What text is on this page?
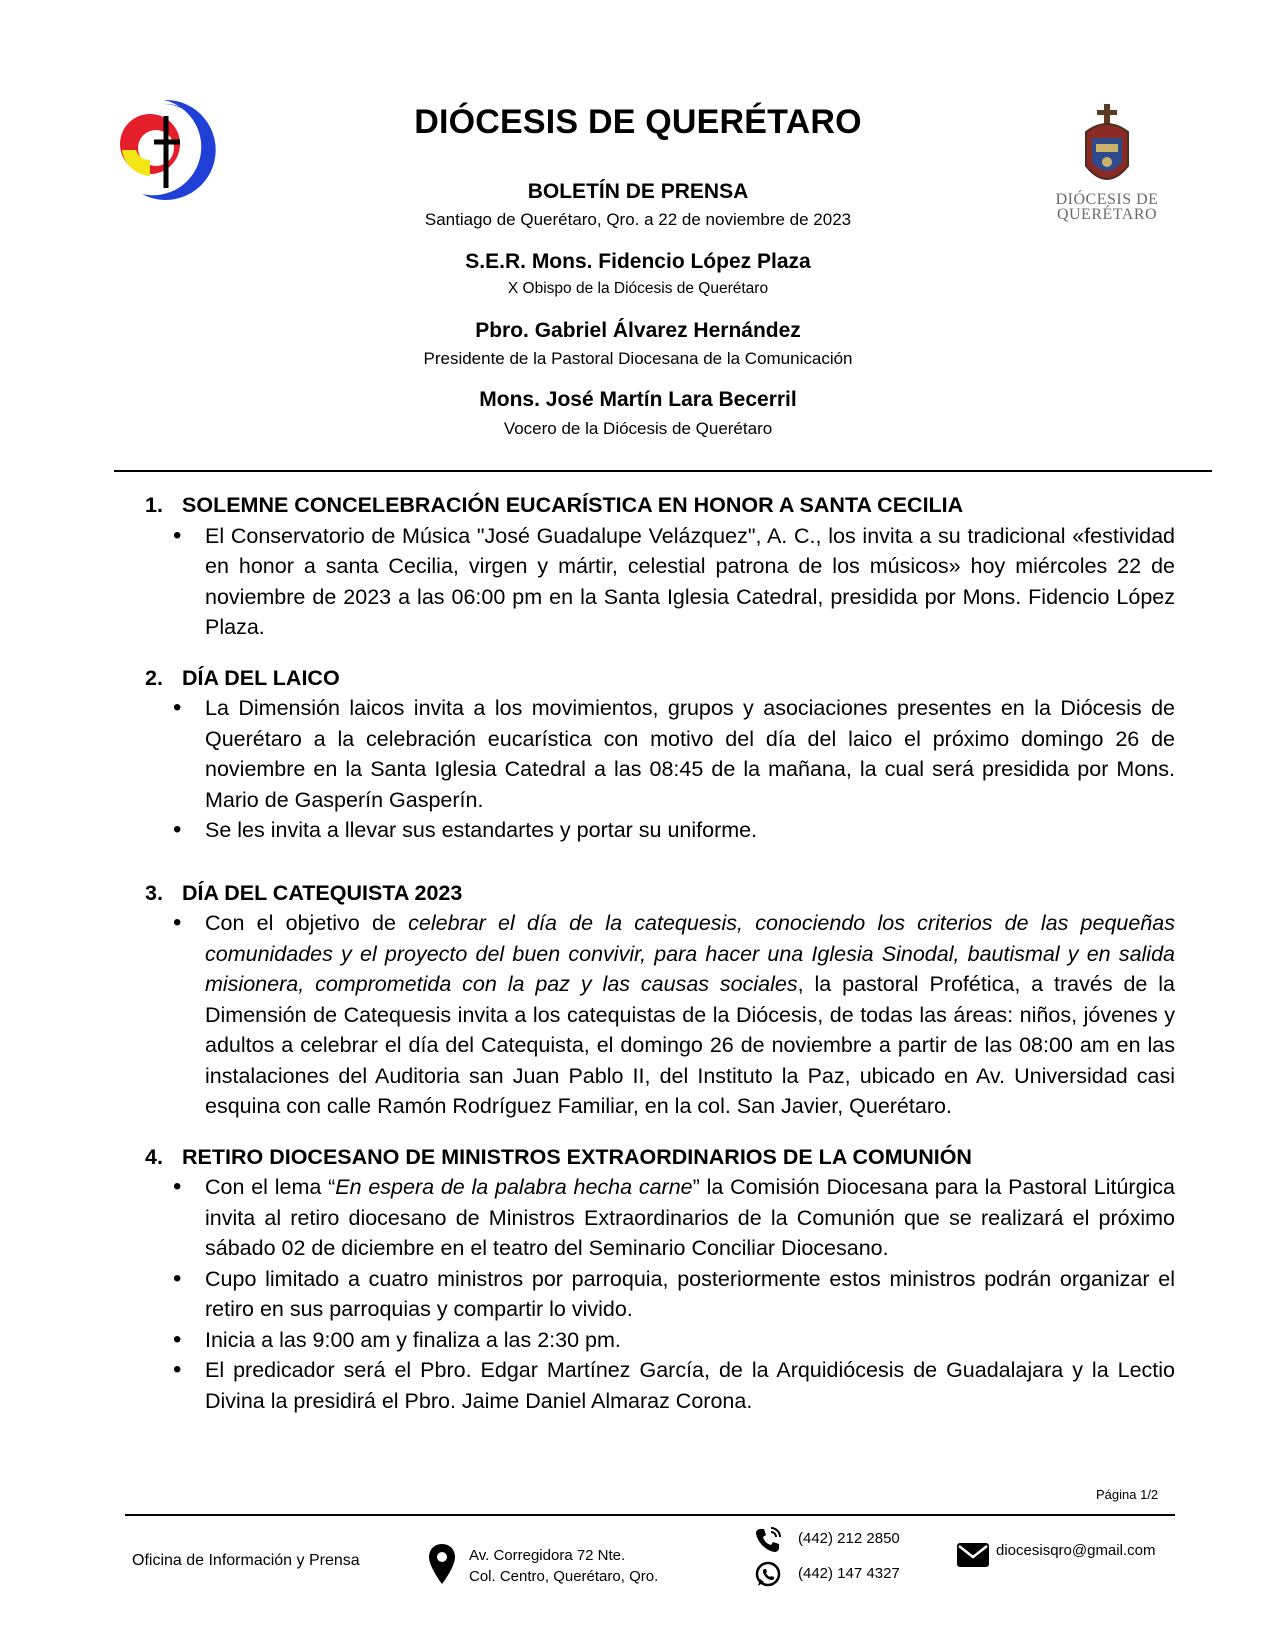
DIÓCESIS DE
QUERÉTARO
DIÓCESIS DE QUERÉTARO
BOLETÍN DE PRENSA
Santiago de Querétaro, Qro. a 22 de noviembre de 2023
S.E.R. Mons. Fidencio López Plaza
X Obispo de la Diócesis de Querétaro
Pbro. Gabriel Álvarez Hernández
Presidente de la Pastoral Diocesana de la Comunicación
Mons. José Martín Lara Becerril
Vocero de la Diócesis de Querétaro
1. SOLEMNE CONCELEBRACIÓN EUCARÍSTICA EN HONOR A SANTA CECILIA
• El Conservatorio de Música "José Guadalupe Velázquez", A. C., los invita a su tradicional «festividad en honor a santa Cecilia, virgen y mártir, celestial patrona de los músicos» hoy miércoles 22 de noviembre de 2023 a las 06:00 pm en la Santa Iglesia Catedral, presidida por Mons. Fidencio López Plaza.
2. DÍA DEL LAICO
• La Dimensión laicos invita a los movimientos, grupos y asociaciones presentes en la Diócesis de Querétaro a la celebración eucarística con motivo del día del laico el próximo domingo 26 de noviembre en la Santa Iglesia Catedral a las 08:45 de la mañana, la cual será presidida por Mons. Mario de Gasperín Gasperín.
• Se les invita a llevar sus estandartes y portar su uniforme.
3. DÍA DEL CATEQUISTA 2023
• Con el objetivo de celebrar el día de la catequesis, conociendo los criterios de las pequeñas comunidades y el proyecto del buen convivir, para hacer una Iglesia Sinodal, bautismal y en salida misionera, comprometida con la paz y las causas sociales, la pastoral Profética, a través de la Dimensión de Catequesis invita a los catequistas de la Diócesis, de todas las áreas: niños, jóvenes y adultos a celebrar el día del Catequista, el domingo 26 de noviembre a partir de las 08:00 am en las instalaciones del Auditoria san Juan Pablo II, del Instituto la Paz, ubicado en Av. Universidad casi esquina con calle Ramón Rodríguez Familiar, en la col. San Javier, Querétaro.
4. RETIRO DIOCESANO DE MINISTROS EXTRAORDINARIOS DE LA COMUNIÓN
• Con el lema “En espera de la palabra hecha carne” la Comisión Diocesana para la Pastoral Litúrgica invita al retiro diocesano de Ministros Extraordinarios de la Comunión que se realizará el próximo sábado 02 de diciembre en el teatro del Seminario Conciliar Diocesano.
• Cupo limitado a cuatro ministros por parroquia, posteriormente estos ministros podrán organizar el retiro en sus parroquias y compartir lo vivido.
• Inicia a las 9:00 am y finaliza a las 2:30 pm.
• El predicador será el Pbro. Edgar Martínez García, de la Arquidiócesis de Guadalajara y la Lectio Divina la presidirá el Pbro. Jaime Daniel Almaraz Corona.
Página 1/2
Oficina de Información y Prensa	Av. Corregidora 72 Nte.
Col. Centro, Querétaro, Qro.
(442) 212 2850
(442) 147 4327
diocesisqro@gmail.com
